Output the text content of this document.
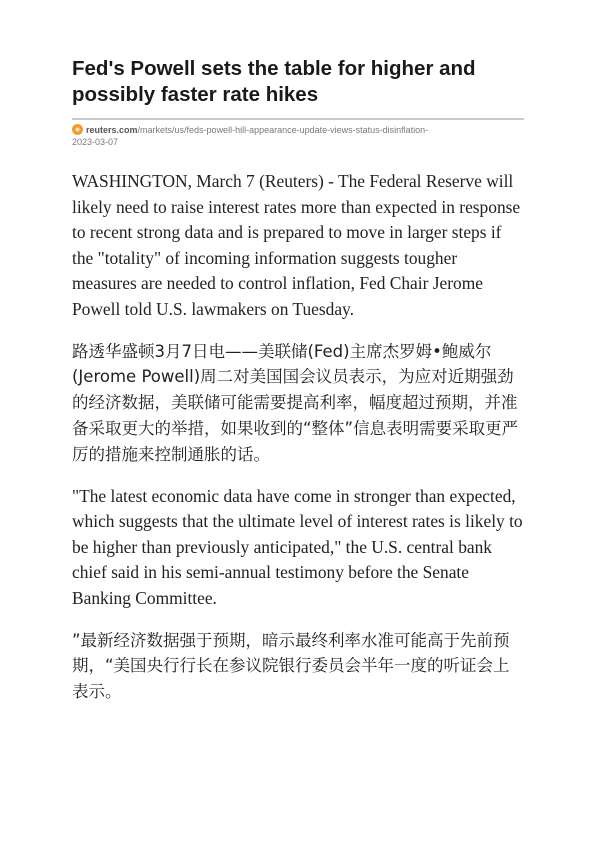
Fed's Powell sets the table for higher and possibly faster rate hikes
reuters.com/markets/us/feds-powell-hill-appearance-update-views-status-disinflation-
2023-03-07

WASHINGTON, March 7 (Reuters) - The Federal Reserve will likely need to raise interest rates more than expected in response to recent strong data and is prepared to move in larger steps if the "totality" of incoming information suggests tougher measures are needed to control inflation, Fed Chair Jerome Powell told U.S. lawmakers on Tuesday.

路透华盛顿3月7日电——美联储(Fed)主席杰罗姆•鲍威尔(Jerome Powell)周二对美国国会议员表示，为应对近期强劲的经济数据，美联储可能需要提高利率，幅度超过预期，并准备采取更大的举措，如果收到的“整体”信息表明需要采取更严厉的措施来控制通胀的话。

"The latest economic data have come in stronger than expected, which suggests that the ultimate level of interest rates is likely to be higher than previously anticipated," the U.S. central bank chief said in his semi-annual testimony before the Senate Banking Committee.

”最新经济数据强于预期，暗示最终利率水准可能高于先前预期，“美国央行行长在参议院银行委员会半年一度的听证会上表示。
